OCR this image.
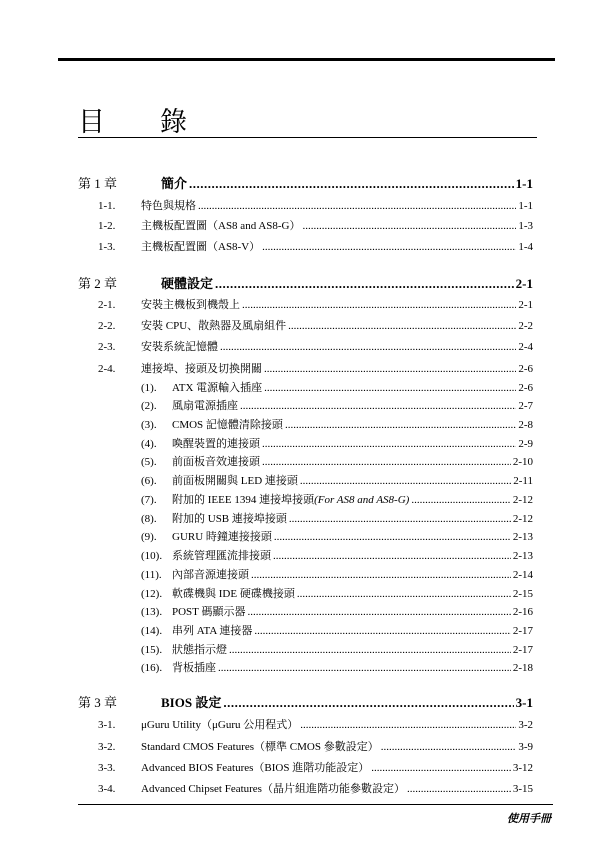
目　錄
第 1 章	簡介 .....	1-1
1-1.	特色與規格 .....	1-1
1-2.	主機板配置圖（AS8 and AS8-G） .....	1-3
1-3.	主機板配置圖（AS8-V） .....	1-4
第 2 章	硬體設定 .....	2-1
2-1.	安裝主機板到機殼上 .....	2-1
2-2.	安裝 CPU、散熱器及風扇組件 .....	2-2
2-3.	安裝系統記憶體 .....	2-4
2-4.	連接埠、接頭及切換開關 .....	2-6
(1).	ATX 電源輸入插座 .....	2-6
(2).	風扇電源插座 .....	2-7
(3).	CMOS 記憶體清除接頭 .....	2-8
(4).	喚醒裝置的連接頭 .....	2-9
(5).	前面板音效連接頭 .....	2-10
(6).	前面板開關與 LED 連接頭 .....	2-11
(7).	附加的 IEEE 1394 連接埠接頭 (For AS8 and AS8-G) .....	2-12
(8).	附加的 USB 連接埠接頭 .....	2-12
(9).	GURU 時鐘連接接頭 .....	2-13
(10). 系統管理匯流排接頭 .....	2-13
(11). 內部音源連接頭 .....	2-14
(12). 軟碟機與 IDE 硬碟機接頭 .....	2-15
(13). POST 碼顯示器 .....	2-16
(14). 串列 ATA 連接器 .....	2-17
(15). 狀態指示燈 .....	2-17
(16). 背板插座 .....	2-18
第 3 章	BIOS 設定 .....	3-1
3-1.	μGuru Utility（μGuru 公用程式） .....	3-2
3-2.	Standard CMOS Features（標準 CMOS 參數設定） .....	3-9
3-3.	Advanced BIOS Features（BIOS 進階功能設定） .....	3-12
3-4.	Advanced Chipset Features（晶片組進階功能參數設定） .....	3-15
使用手冊
